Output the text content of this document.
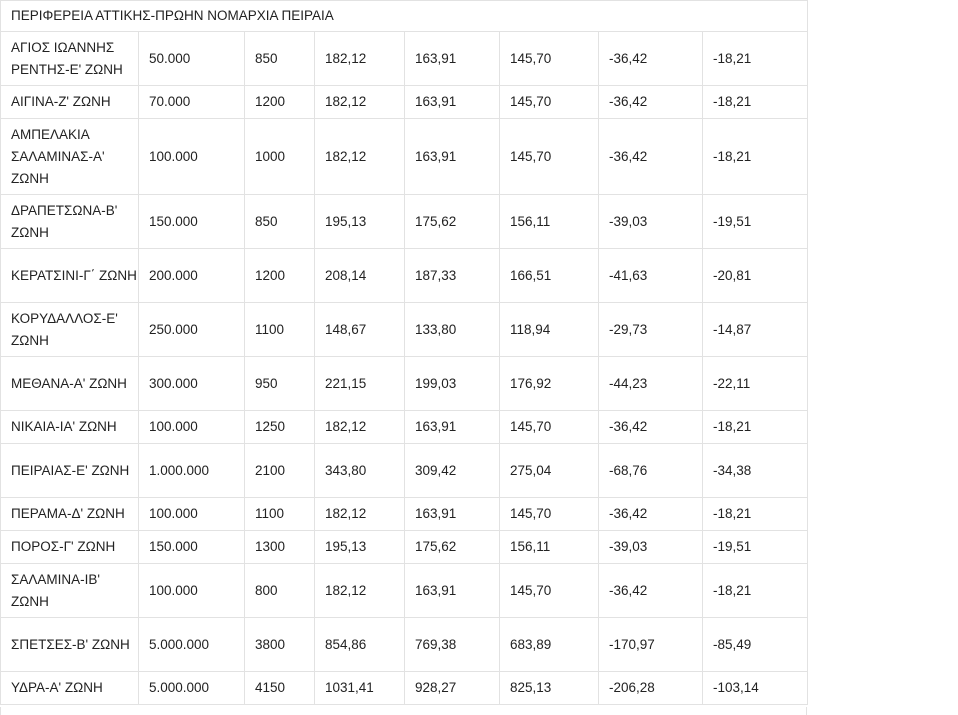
ΠΕΡΙΦΕΡΕΙΑ ΑΤΤΙΚΗΣ-ΠΡΩΗΝ ΝΟΜΑΡΧΙΑ ΠΕΙΡΑΙΑ							
ΑΓΙΟΣ ΙΩΑΝΝΗΣ ΡΕΝΤΗΣ-Ε' ΖΩΝΗ	50.000	850	182,12	163,91	145,70	-36,42	-18,21
ΑΙΓΙΝΑ-Ζ' ΖΩΝΗ	70.000	1200	182,12	163,91	145,70	-36,42	-18,21
ΑΜΠΕΛΑΚΙΑ ΣΑΛΑΜΙΝΑΣ-Α' ΖΩΝΗ	100.000	1000	182,12	163,91	145,70	-36,42	-18,21
ΔΡΑΠΕΤΣΩΝΑ-Β' ΖΩΝΗ	150.000	850	195,13	175,62	156,11	-39,03	-19,51
ΚΕΡΑΤΣΙΝΙ-Γ΄ ΖΩΝΗ	200.000	1200	208,14	187,33	166,51	-41,63	-20,81
ΚΟΡΥΔΑΛΛΟΣ-Ε' ΖΩΝΗ	250.000	1100	148,67	133,80	118,94	-29,73	-14,87
ΜΕΘΑΝΑ-Α' ΖΩΝΗ	300.000	950	221,15	199,03	176,92	-44,23	-22,11
ΝΙΚΑΙΑ-ΙΑ' ΖΩΝΗ	100.000	1250	182,12	163,91	145,70	-36,42	-18,21
ΠΕΙΡΑΙΑΣ-Ε' ΖΩΝΗ	1.000.000	2100	343,80	309,42	275,04	-68,76	-34,38
ΠΕΡΑΜΑ-Δ' ΖΩΝΗ	100.000	1100	182,12	163,91	145,70	-36,42	-18,21
ΠΟΡΟΣ-Γ' ΖΩΝΗ	150.000	1300	195,13	175,62	156,11	-39,03	-19,51
ΣΑΛΑΜΙΝΑ-ΙΒ' ΖΩΝΗ	100.000	800	182,12	163,91	145,70	-36,42	-18,21
ΣΠΕΤΣΕΣ-Β' ΖΩΝΗ	5.000.000	3800	854,86	769,38	683,89	-170,97	-85,49
ΥΔΡΑ-Α' ΖΩΝΗ	5.000.000	4150	1031,41	928,27	825,13	-206,28	-103,14
